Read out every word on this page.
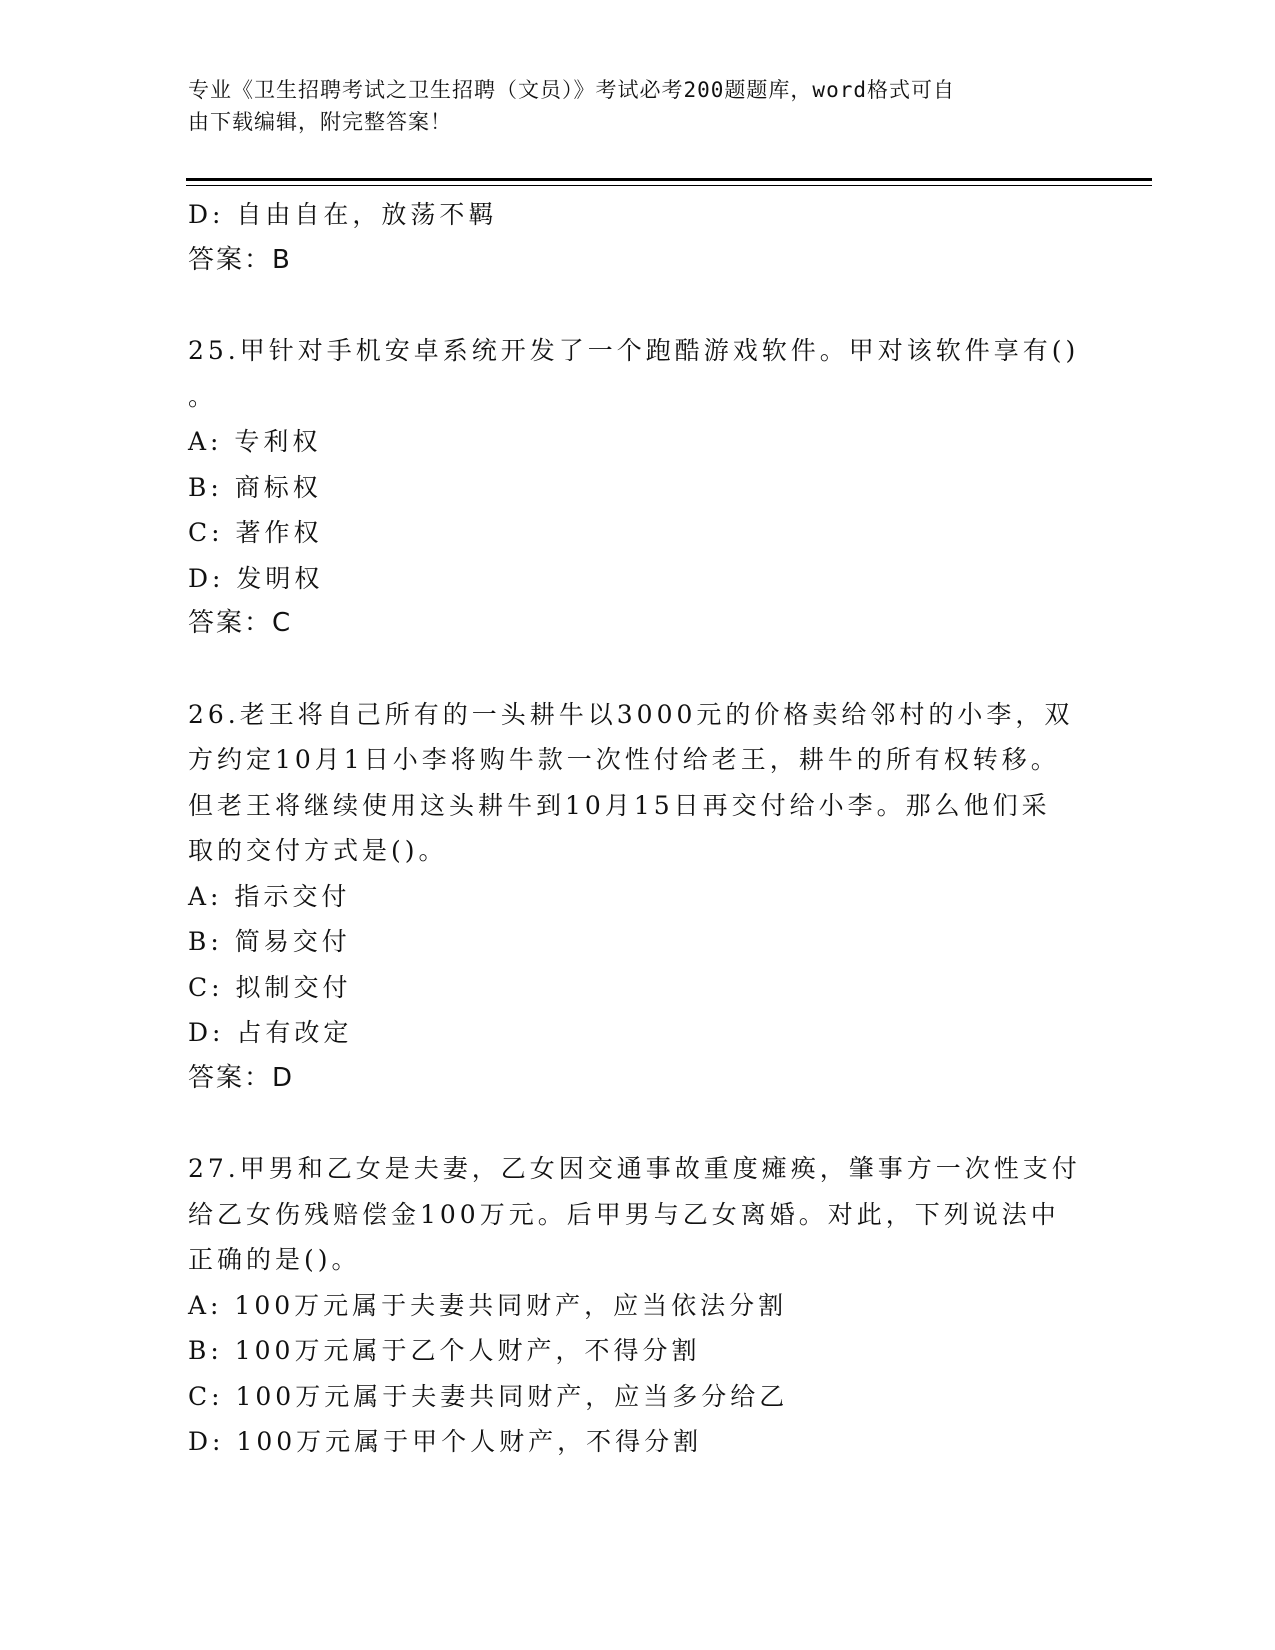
专业《卫生招聘考试之卫生招聘（文员）》考试必考200题题库，word格式可自
由下载编辑，附完整答案！
D: 自由自在，放荡不羁
答案：B
25.甲针对手机安卓系统开发了一个跑酷游戏软件。甲对该软件享有()
。
A: 专利权
B: 商标权
C: 著作权
D: 发明权
答案：C
26.老王将自己所有的一头耕牛以3000元的价格卖给邻村的小李，双
方约定10月1日小李将购牛款一次性付给老王，耕牛的所有权转移。
但老王将继续使用这头耕牛到10月15日再交付给小李。那么他们采
取的交付方式是()。
A: 指示交付
B: 简易交付
C: 拟制交付
D: 占有改定
答案：D
27.甲男和乙女是夫妻，乙女因交通事故重度瘫痪，肇事方一次性支付
给乙女伤残赔偿金100万元。后甲男与乙女离婚。对此，下列说法中
正确的是()。
A: 100万元属于夫妻共同财产，应当依法分割
B: 100万元属于乙个人财产，不得分割
C: 100万元属于夫妻共同财产，应当多分给乙
D: 100万元属于甲个人财产，不得分割
